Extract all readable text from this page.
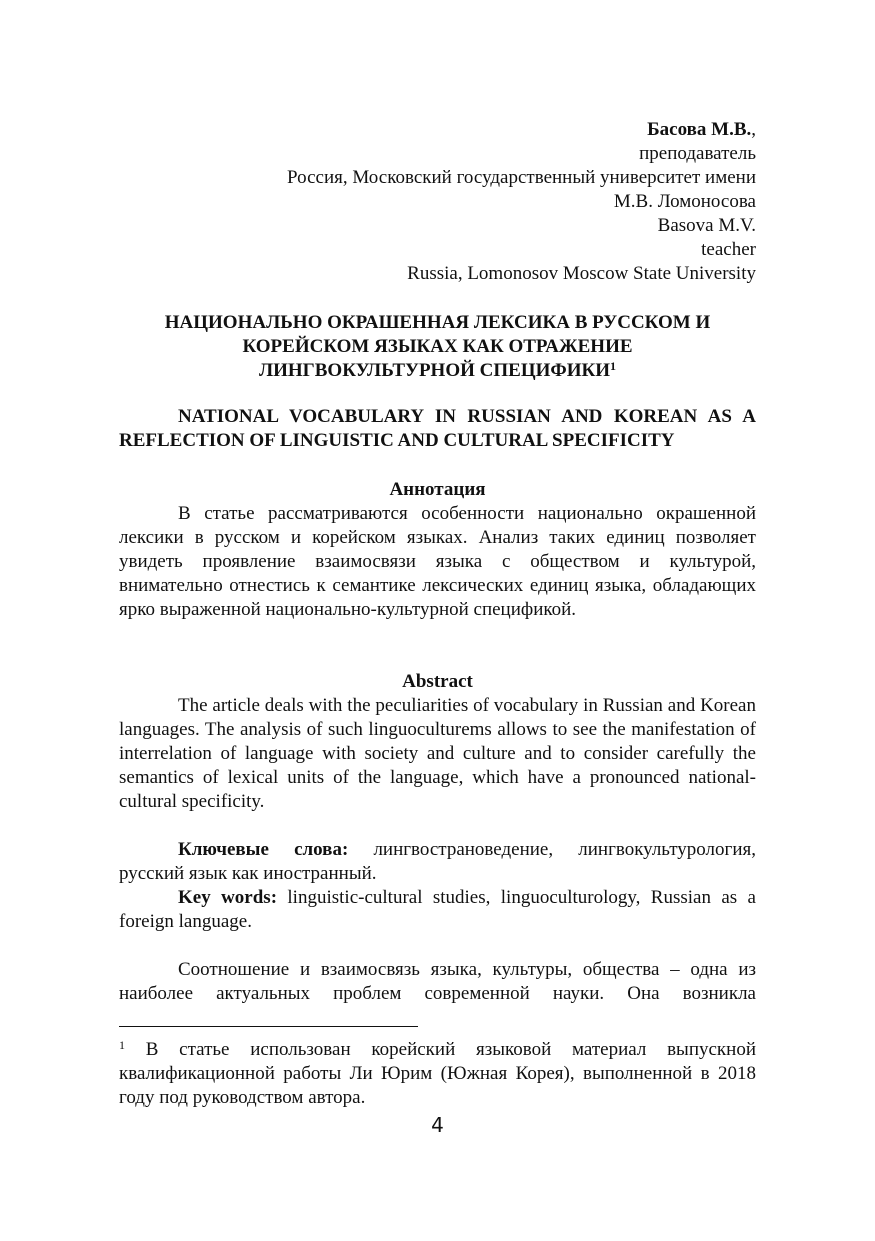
Басова М.В.,
преподаватель
Россия, Московский государственный университет имени
М.В. Ломоносова
Basova M.V.
teacher
Russia, Lomonosov Moscow State University
НАЦИОНАЛЬНО ОКРАШЕННАЯ ЛЕКСИКА В РУССКОМ И
КОРЕЙСКОМ ЯЗЫКАХ КАК ОТРАЖЕНИЕ
ЛИНГВОКУЛЬТУРНОЙ СПЕЦИФИКИ$^1$

NATIONAL VOCABULARY IN RUSSIAN AND KOREAN AS A REFLECTION OF LINGUISTIC AND CULTURAL SPECIFICITY

Аннотация

В статье рассматриваются особенности национально окрашенной лексики в русском и корейском языках. Анализ таких единиц позволяет увидеть проявление взаимосвязи языка с обществом и культурой, внимательно отнестись к семантике лексических единиц языка, обладающих ярко выраженной национально-культурной спецификой.

Abstract

The article deals with the peculiarities of vocabulary in Russian and Korean languages. The analysis of such linguoculturems allows to see the manifestation of interrelation of language with society and culture and to consider carefully the semantics of lexical units of the language, which have a pronounced national-cultural specificity.

Ключевые слова: лингвострановедение, лингвокультурология, русский язык как иностранный.

Key words: linguistic-cultural studies, linguoculturology, Russian as a foreign language.

Соотношение и взаимосвязь языка, культуры, общества – одна из наиболее актуальных проблем современной науки. Она возникла

$^1$ В статье использован корейский языковой материал выпускной квалификационной работы Ли Юрим (Южная Корея), выполненной в 2018 году под руководством автора.

4
